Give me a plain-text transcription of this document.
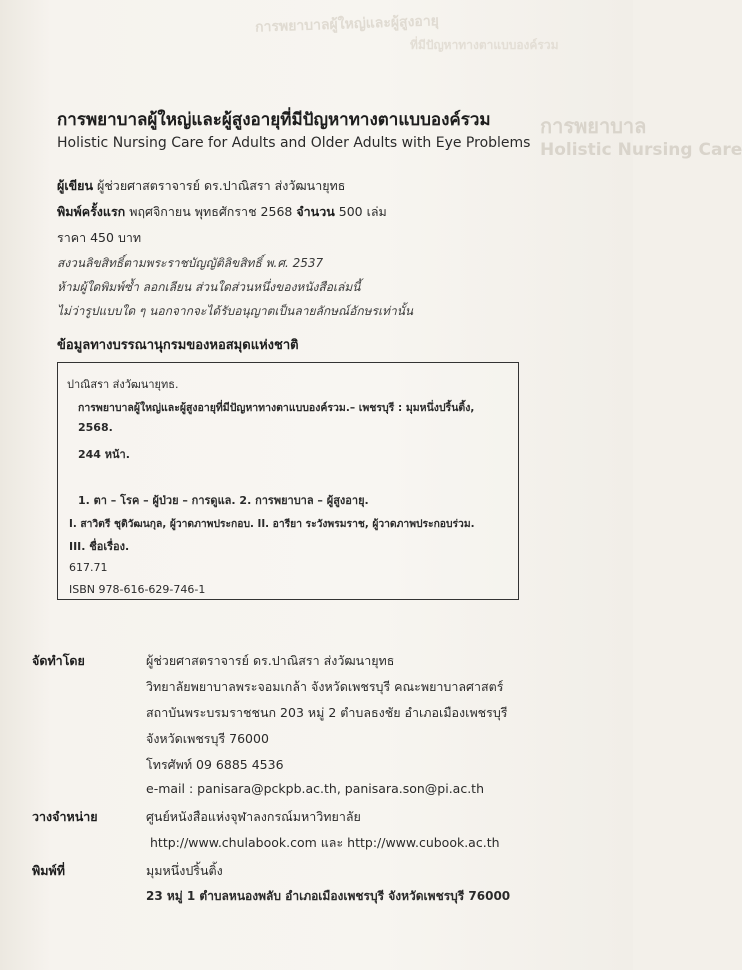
การพยาบาลผู้ใหญ่และผู้สูงอายุ
ที่มีปัญหาทางตาแบบองค์รวม
การพยาบาล
Holistic Nursing Care
การพยาบาลผู้ใหญ่และผู้สูงอายุที่มีปัญหาทางตาแบบองค์รวม
Holistic Nursing Care for Adults and Older Adults with Eye Problems
ผู้เขียน ผู้ช่วยศาสตราจารย์ ดร.ปาณิสรา ส่งวัฒนายุทธ
พิมพ์ครั้งแรก พฤศจิกายน พุทธศักราช 2568 จำนวน 500 เล่ม
ราคา 450 บาท
สงวนลิขสิทธิ์ตามพระราชบัญญัติลิขสิทธิ์ พ.ศ. 2537
ห้ามผู้ใดพิมพ์ซ้ำ ลอกเลียน ส่วนใดส่วนหนึ่งของหนังสือเล่มนี้
ไม่ว่ารูปแบบใด ๆ นอกจากจะได้รับอนุญาตเป็นลายลักษณ์อักษรเท่านั้น
ข้อมูลทางบรรณานุกรมของหอสมุดแห่งชาติ
ปาณิสรา ส่งวัฒนายุทธ.
การพยาบาลผู้ใหญ่และผู้สูงอายุที่มีปัญหาทางตาแบบองค์รวม.– เพชรบุรี : มุมหนึ่งปริ้นติ้ง,
2568.
244 หน้า.
1. ตา – โรค – ผู้ป่วย – การดูแล. 2. การพยาบาล – ผู้สูงอายุ.
I. สาวิตรี ชุติวัฒนกุล, ผู้วาดภาพประกอบ. II. อารียา ระวังพรมราช, ผู้วาดภาพประกอบร่วม.
III. ชื่อเรื่อง.
617.71
ISBN 978-616-629-746-1
จัดทำโดย	ผู้ช่วยศาสตราจารย์ ดร.ปาณิสรา ส่งวัฒนายุทธ
วิทยาลัยพยาบาลพระจอมเกล้า จังหวัดเพชรบุรี คณะพยาบาลศาสตร์
สถาบันพระบรมราชชนก 203 หมู่ 2 ตำบลธงชัย อำเภอเมืองเพชรบุรี
จังหวัดเพชรบุรี 76000
โทรศัพท์ 09 6885 4536
e-mail : panisara@pckpb.ac.th, panisara.son@pi.ac.th
วางจำหน่าย	ศูนย์หนังสือแห่งจุฬาลงกรณ์มหาวิทยาลัย
http://www.chulabook.com และ http://www.cubook.ac.th
พิมพ์ที่	มุมหนึ่งปริ้นติ้ง
23 หมู่ 1 ตำบลหนองพลับ อำเภอเมืองเพชรบุรี จังหวัดเพชรบุรี 76000
